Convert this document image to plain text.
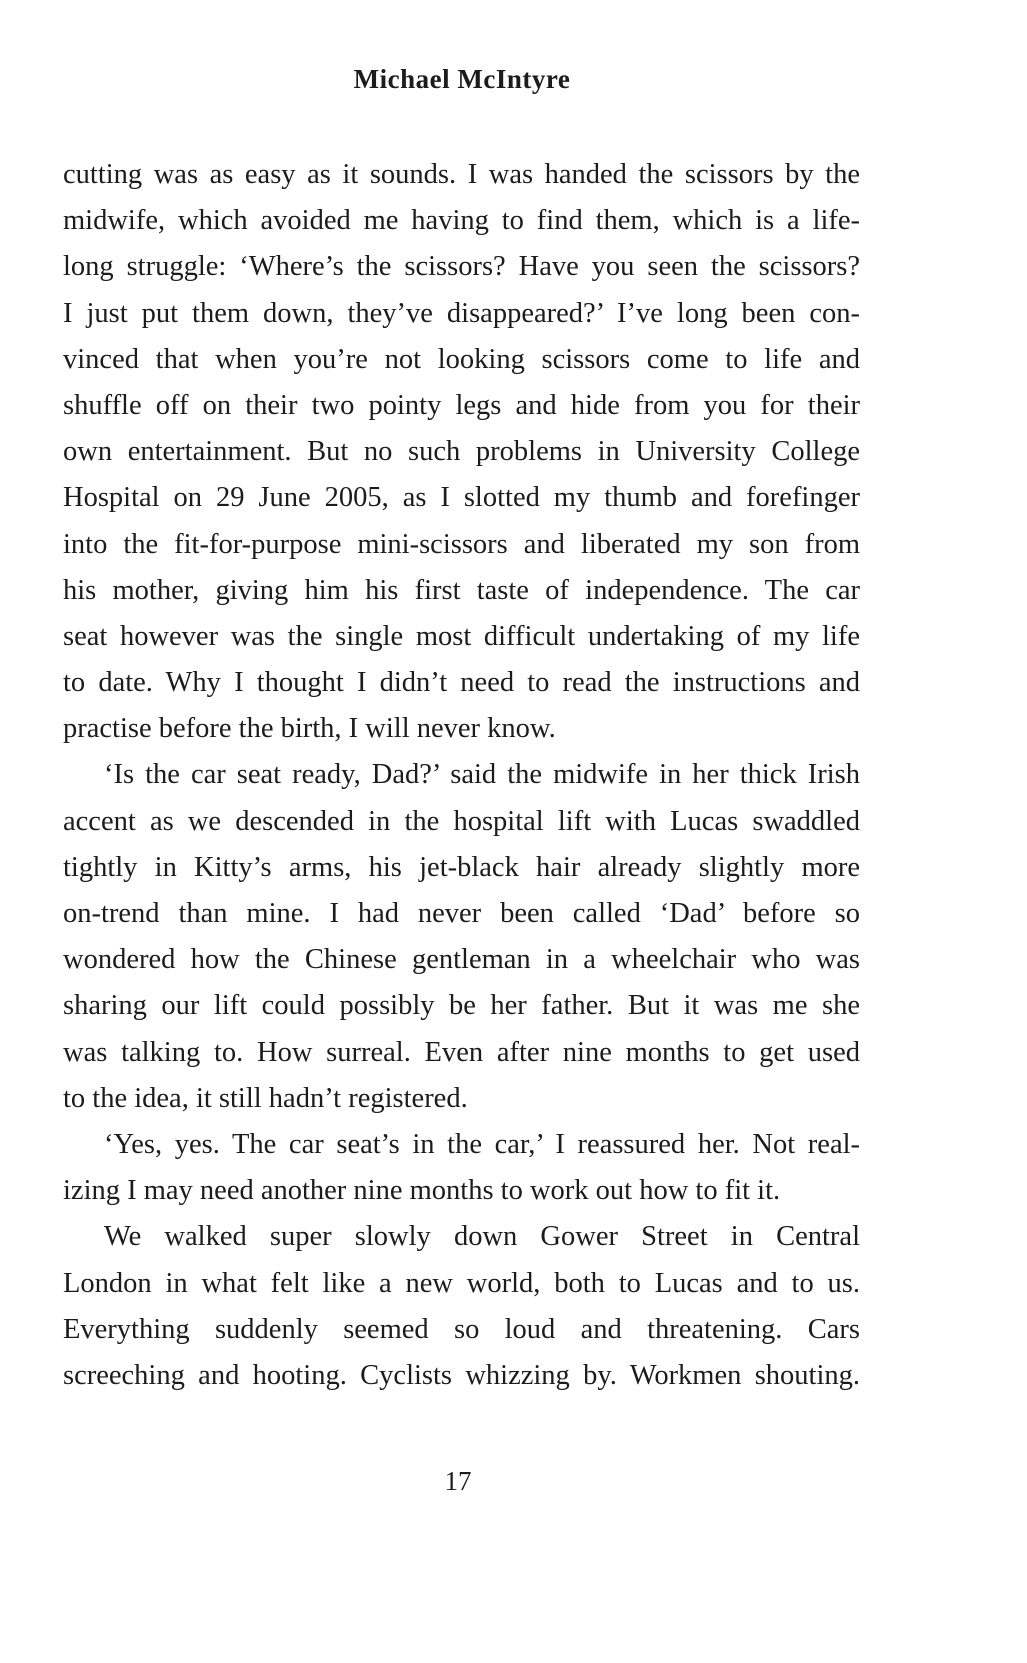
Michael McIntyre
cutting was as easy as it sounds. I was handed the scissors by the
midwife, which avoided me having to find them, which is a life-
long struggle: ‘Where’s the scissors? Have you seen the scissors?
I just put them down, they’ve disappeared?’ I’ve long been con-
vinced that when you’re not looking scissors come to life and
shuffle off on their two pointy legs and hide from you for their
own entertainment. But no such problems in University College
Hospital on 29 June 2005, as I slotted my thumb and forefinger
into the fit-for-purpose mini-scissors and liberated my son from
his mother, giving him his first taste of independence. The car
seat however was the single most difficult undertaking of my life
to date. Why I thought I didn’t need to read the instructions and
practise before the birth, I will never know.
‘Is the car seat ready, Dad?’ said the midwife in her thick Irish
accent as we descended in the hospital lift with Lucas swaddled
tightly in Kitty’s arms, his jet-black hair already slightly more
on-trend than mine. I had never been called ‘Dad’ before so
wondered how the Chinese gentleman in a wheelchair who was
sharing our lift could possibly be her father. But it was me she
was talking to. How surreal. Even after nine months to get used
to the idea, it still hadn’t registered.
‘Yes, yes. The car seat’s in the car,’ I reassured her. Not real-
izing I may need another nine months to work out how to fit it.
We walked super slowly down Gower Street in Central
London in what felt like a new world, both to Lucas and to us.
Everything suddenly seemed so loud and threatening. Cars
screeching and hooting. Cyclists whizzing by. Workmen shouting.
17
